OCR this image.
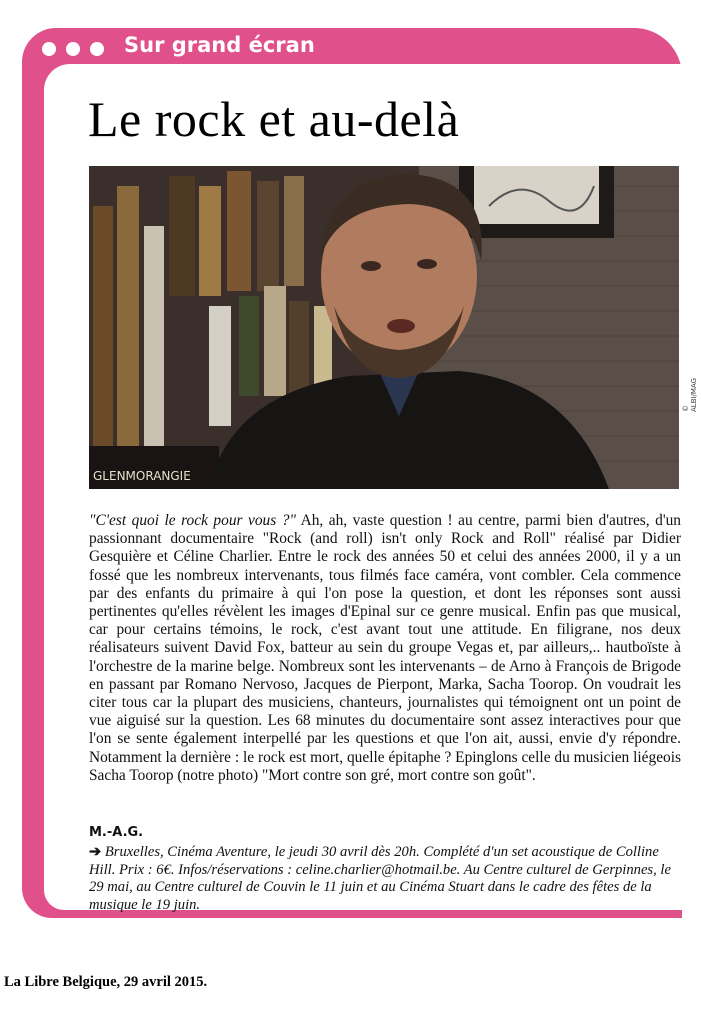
Sur grand écran
Le rock et au-delà
GLENMORANGIE
© ALBI/MAG
"C'est quoi le rock pour vous ?" Ah, ah, vaste question ! au centre, parmi bien d'autres, d'un passionnant documentaire "Rock (and roll) isn't only Rock and Roll" réalisé par Didier Gesquière et Céline Charlier. Entre le rock des années 50 et celui des années 2000, il y a un fossé que les nombreux intervenants, tous filmés face caméra, vont combler. Cela commence par des enfants du primaire à qui l'on pose la question, et dont les réponses sont aussi pertinentes qu'elles révèlent les images d'Epinal sur ce genre musical. Enfin pas que musical, car pour certains témoins, le rock, c'est avant tout une attitude. En filigrane, nos deux réalisateurs suivent David Fox, batteur au sein du groupe Vegas et, par ailleurs,.. hautboïste à l'orchestre de la marine belge. Nombreux sont les intervenants – de Arno à François de Brigode en passant par Romano Nervoso, Jacques de Pierpont, Marka, Sacha Toorop. On voudrait les citer tous car la plupart des musiciens, chanteurs, journalistes qui témoignent ont un point de vue aiguisé sur la question. Les 68 minutes du documentaire sont assez interactives pour que l'on se sente également interpellé par les questions et que l'on ait, aussi, envie d'y répondre. Notamment la dernière : le rock est mort, quelle épitaphe ? Epinglons celle du musicien liégeois Sacha Toorop (notre photo) "Mort contre son gré, mort contre son goût".
M.-A.G.
➔ Bruxelles, Cinéma Aventure, le jeudi 30 avril dès 20h. Complété d'un set acoustique de Colline Hill. Prix : 6€. Infos/réservations : celine.charlier@hotmail.be. Au Centre culturel de Gerpinnes, le 29 mai, au Centre culturel de Couvin le 11 juin et au Cinéma Stuart dans le cadre des fêtes de la musique le 19 juin.
La Libre Belgique, 29 avril 2015.
